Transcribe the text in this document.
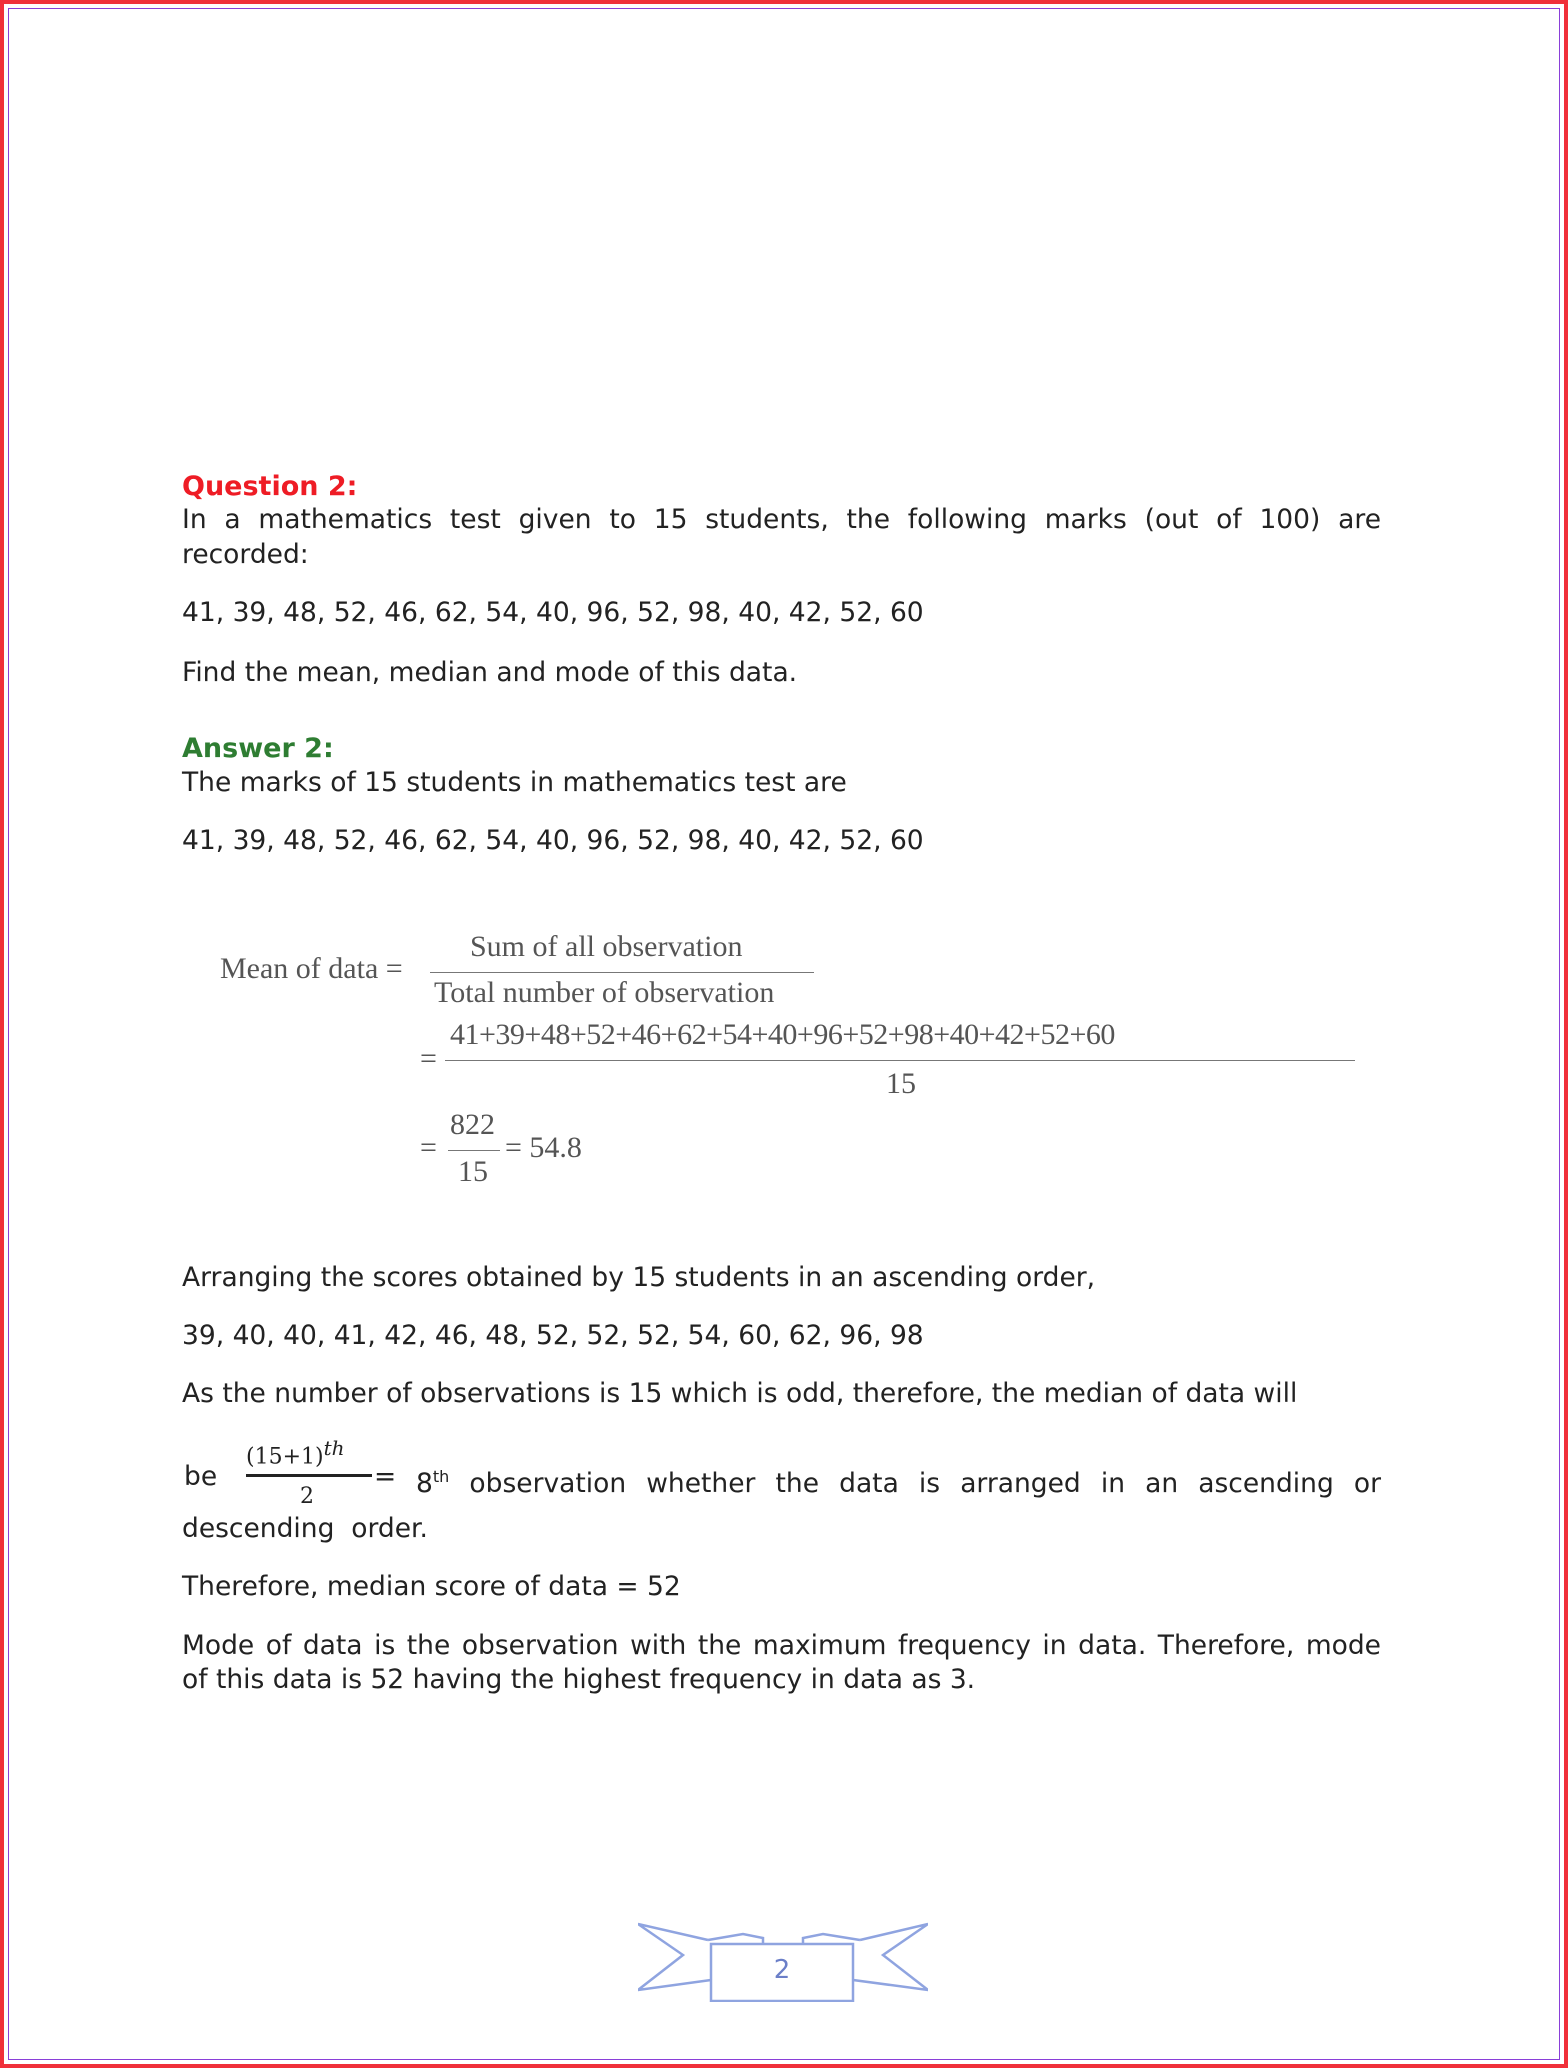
Question 2:
In a mathematics test given to 15 students, the following marks (out of 100) are
recorded:
41, 39, 48, 52, 46, 62, 54, 40, 96, 52, 98, 40, 42, 52, 60
Find the mean, median and mode of this data.
Answer 2:
The marks of 15 students in mathematics test are
41, 39, 48, 52, 46, 62, 54, 40, 96, 52, 98, 40, 42, 52, 60
Mean of data =
Sum of all observation
Total number of observation
=
41+39+48+52+46+62+54+40+96+52+98+40+42+52+60
15
=
822
15
= 54.8
Arranging the scores obtained by 15 students in an ascending order,
39, 40, 40, 41, 42, 46, 48, 52, 52, 52, 54, 60, 62, 96, 98
As the number of observations is 15 which is odd, therefore, the median of data will
be
$(15+1)^{th}$
2
= 8th observation whether the data is arranged in an ascending or
descending  order.
Therefore, median score of data = 52
Mode of data is the observation with the maximum frequency in data. Therefore, mode
of this data is 52 having the highest frequency in data as 3.
2
